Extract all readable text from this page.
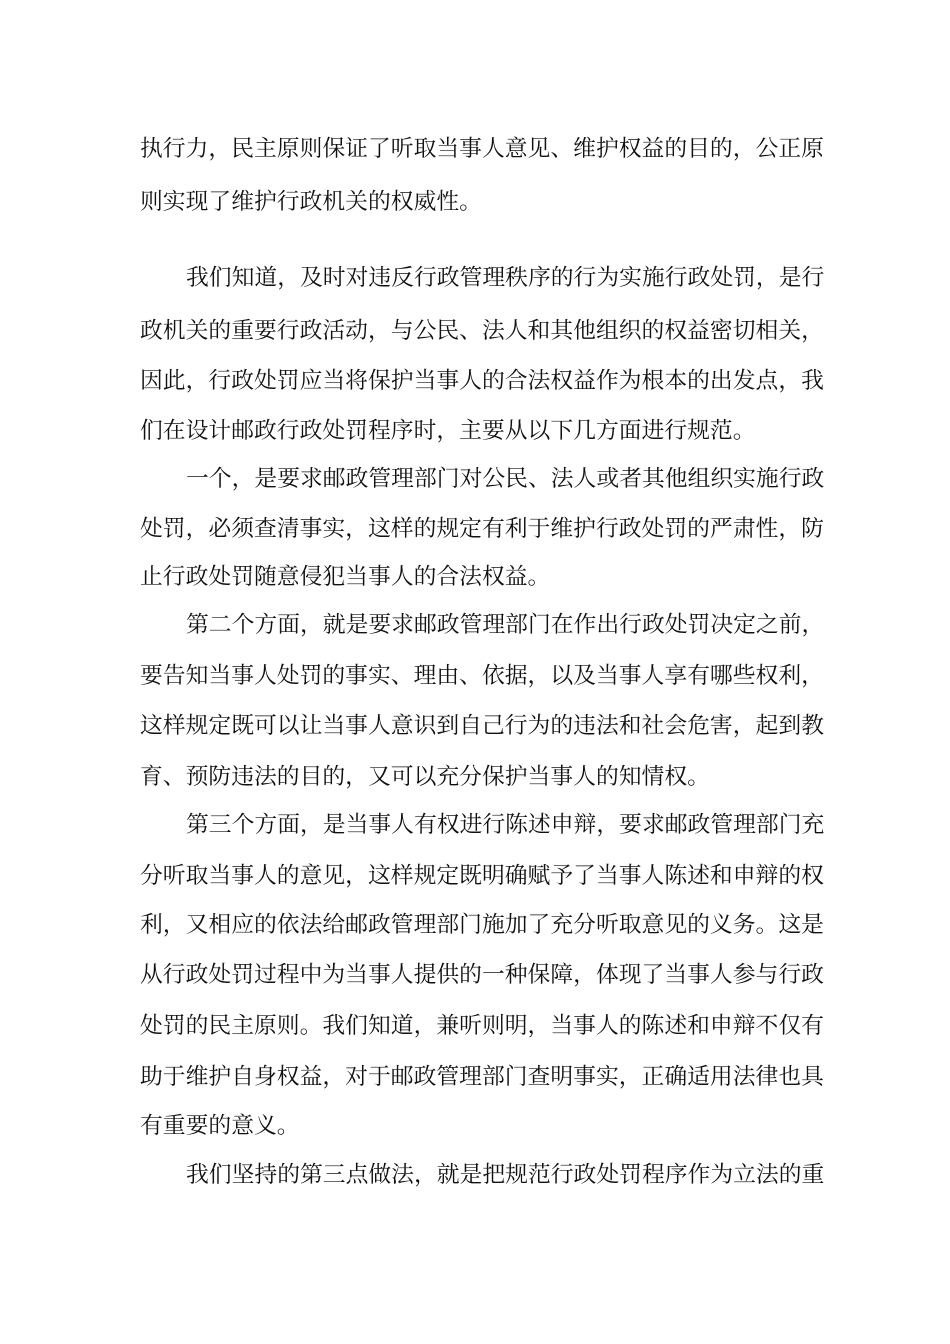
执行力，民主原则保证了听取当事人意见、维护权益的目的，公正原
则实现了维护行政机关的权威性。
我们知道，及时对违反行政管理秩序的行为实施行政处罚，是行
政机关的重要行政活动，与公民、法人和其他组织的权益密切相关，
因此，行政处罚应当将保护当事人的合法权益作为根本的出发点，我
们在设计邮政行政处罚程序时，主要从以下几方面进行规范。
一个，是要求邮政管理部门对公民、法人或者其他组织实施行政
处罚，必须查清事实，这样的规定有利于维护行政处罚的严肃性，防
止行政处罚随意侵犯当事人的合法权益。
第二个方面，就是要求邮政管理部门在作出行政处罚决定之前，
要告知当事人处罚的事实、理由、依据，以及当事人享有哪些权利，
这样规定既可以让当事人意识到自己行为的违法和社会危害，起到教
育、预防违法的目的，又可以充分保护当事人的知情权。
第三个方面，是当事人有权进行陈述申辩，要求邮政管理部门充
分听取当事人的意见，这样规定既明确赋予了当事人陈述和申辩的权
利，又相应的依法给邮政管理部门施加了充分听取意见的义务。这是
从行政处罚过程中为当事人提供的一种保障，体现了当事人参与行政
处罚的民主原则。我们知道，兼听则明，当事人的陈述和申辩不仅有
助于维护自身权益，对于邮政管理部门查明事实，正确适用法律也具
有重要的意义。
我们坚持的第三点做法，就是把规范行政处罚程序作为立法的重
